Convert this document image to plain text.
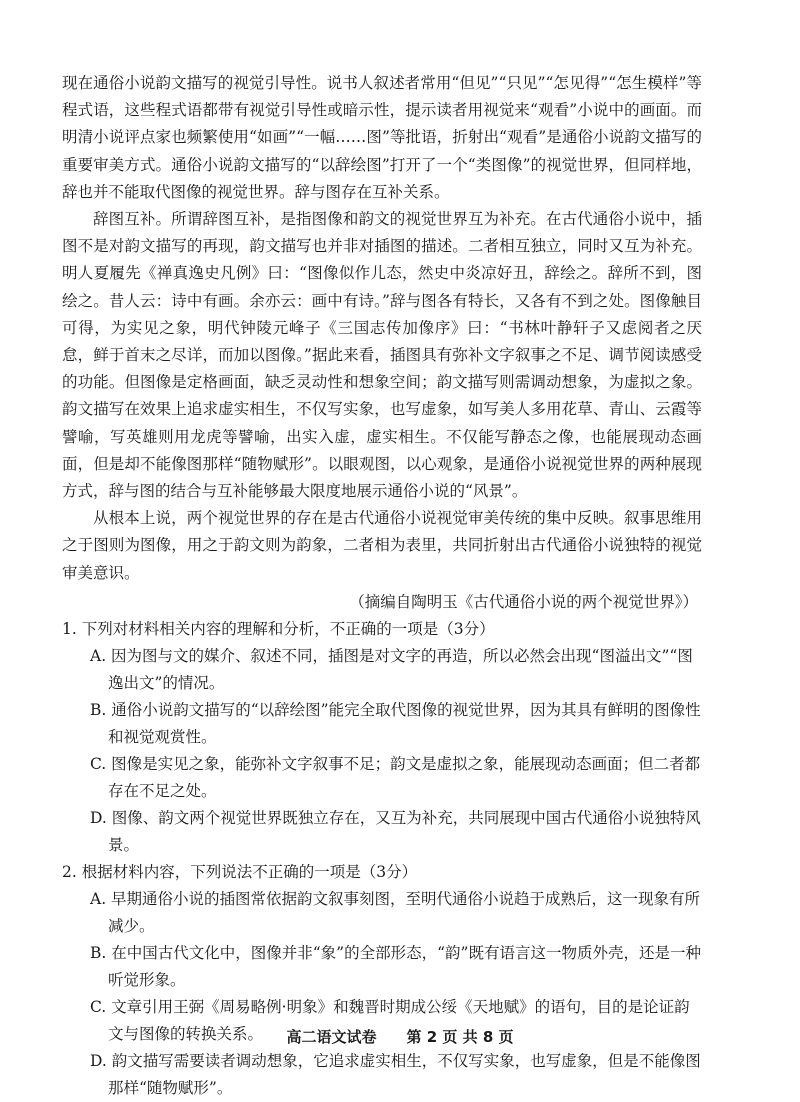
现在通俗小说韵文描写的视觉引导性。说书人叙述者常用“但见”“只见”“怎见得”“怎生模样”等程式语，这些程式语都带有视觉引导性或暗示性，提示读者用视觉来“观看”小说中的画面。而明清小说评点家也频繁使用“如画”“一幅……图”等批语，折射出“观看”是通俗小说韵文描写的重要审美方式。通俗小说韵文描写的“以辞绘图”打开了一个“类图像”的视觉世界，但同样地，辞也并不能取代图像的视觉世界。辞与图存在互补关系。

辞图互补。所谓辞图互补，是指图像和韵文的视觉世界互为补充。在古代通俗小说中，插图不是对韵文描写的再现，韵文描写也并非对插图的描述。二者相互独立，同时又互为补充。明人夏履先《禅真逸史凡例》曰：“图像似作儿态，然史中炎凉好丑，辞绘之。辞所不到，图绘之。昔人云：诗中有画。余亦云：画中有诗。”辞与图各有特长，又各有不到之处。图像触目可得，为实见之象，明代钟陵元峰子《三国志传加像序》曰：“书林叶静轩子又虑阅者之厌怠，鲜于首末之尽详，而加以图像。”据此来看，插图具有弥补文字叙事之不足、调节阅读感受的功能。但图像是定格画面，缺乏灵动性和想象空间；韵文描写则需调动想象，为虚拟之象。韵文描写在效果上追求虚实相生，不仅写实象，也写虚象，如写美人多用花草、青山、云霞等譬喻，写英雄则用龙虎等譬喻，出实入虚，虚实相生。不仅能写静态之像，也能展现动态画面，但是却不能像图那样“随物赋形”。以眼观图，以心观象，是通俗小说视觉世界的两种展现方式，辞与图的结合与互补能够最大限度地展示通俗小说的“风景”。

从根本上说，两个视觉世界的存在是古代通俗小说视觉审美传统的集中反映。叙事思维用之于图则为图像，用之于韵文则为韵象，二者相为表里，共同折射出古代通俗小说独特的视觉审美意识。

（摘编自陶明玉《古代通俗小说的两个视觉世界》）

1. 下列对材料相关内容的理解和分析，不正确的一项是（3分）

A. 因为图与文的媒介、叙述不同，插图是对文字的再造，所以必然会出现“图溢出文”“图逸出文”的情况。

B. 通俗小说韵文描写的“以辞绘图”能完全取代图像的视觉世界，因为其具有鲜明的图像性和视觉观赏性。

C. 图像是实见之象，能弥补文字叙事不足；韵文是虚拟之象，能展现动态画面；但二者都存在不足之处。

D. 图像、韵文两个视觉世界既独立存在，又互为补充，共同展现中国古代通俗小说独特风景。

2. 根据材料内容，下列说法不正确的一项是（3分）

A. 早期通俗小说的插图常依据韵文叙事刻图，至明代通俗小说趋于成熟后，这一现象有所减少。

B. 在中国古代文化中，图像并非“象”的全部形态，“韵”既有语言这一物质外壳，还是一种听觉形象。

C. 文章引用王弼《周易略例·明象》和魏晋时期成公绥《天地赋》的语句，目的是论证韵文与图像的转换关系。

D. 韵文描写需要读者调动想象，它追求虚实相生，不仅写实象，也写虚象，但是不能像图那样“随物赋形”。

高二语文试卷　　第 2 页 共 8 页
